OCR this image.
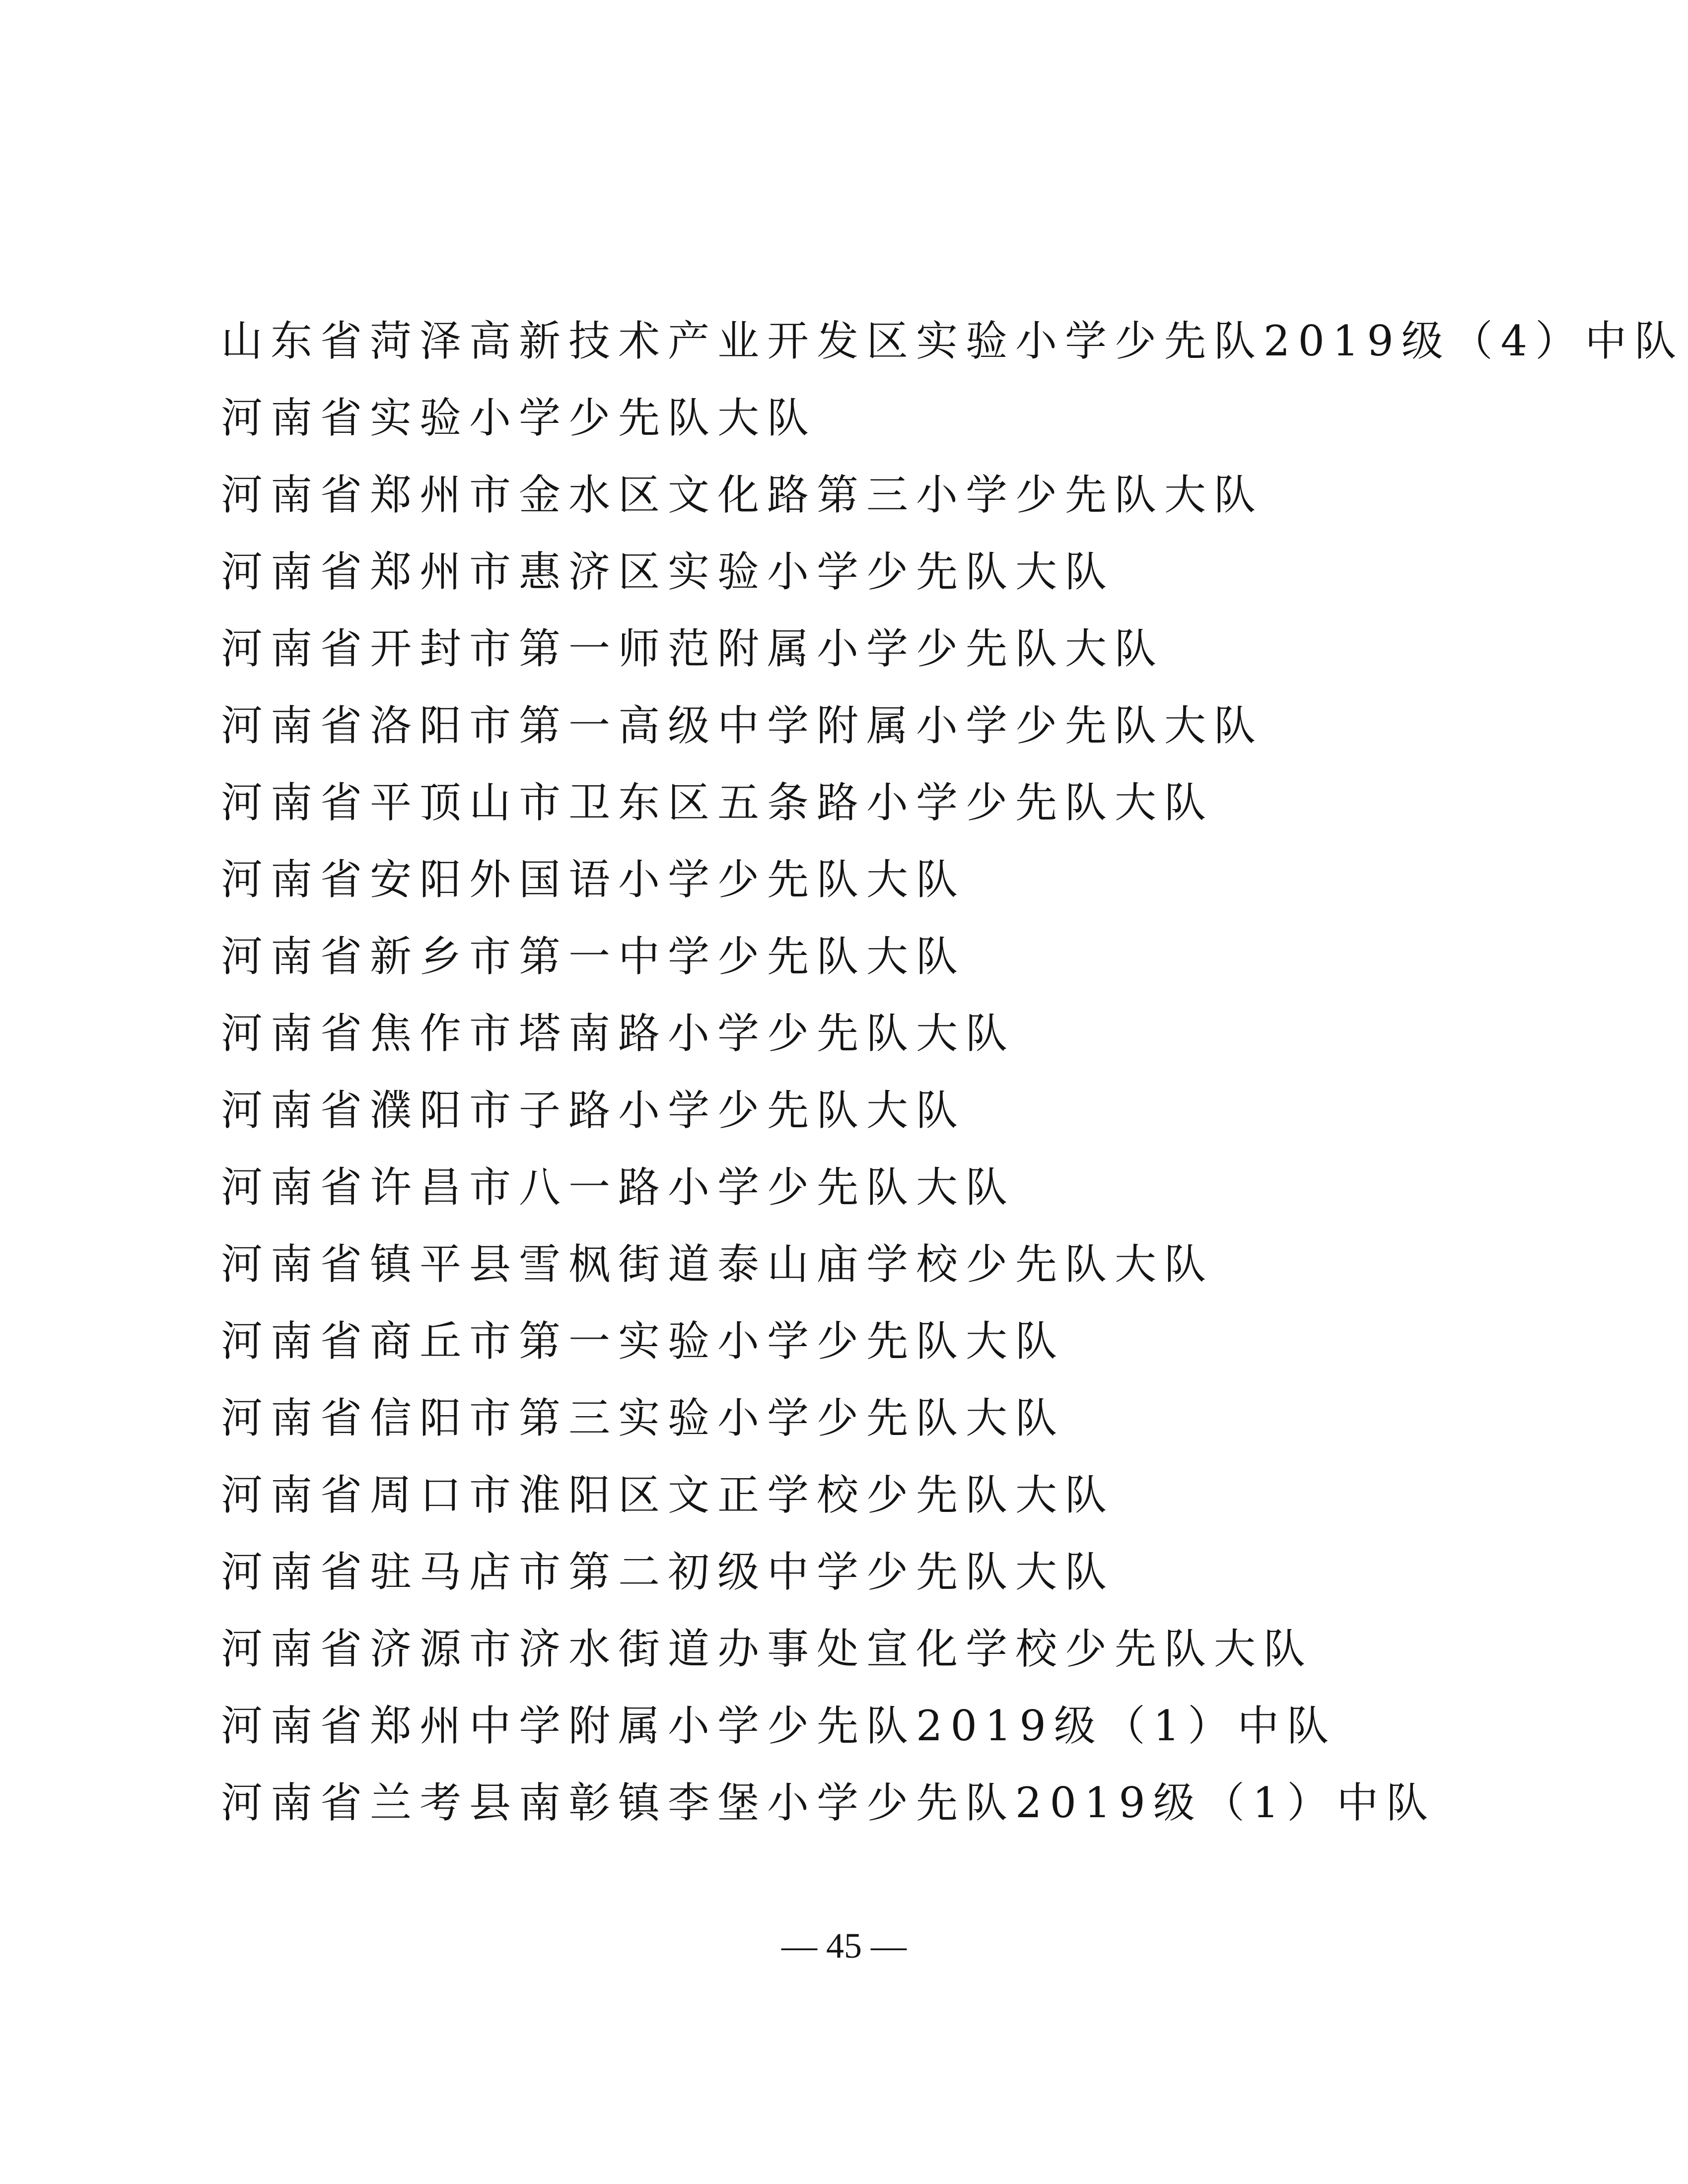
山东省菏泽高新技术产业开发区实验小学少先队2019级（4）中队
河南省实验小学少先队大队
河南省郑州市金水区文化路第三小学少先队大队
河南省郑州市惠济区实验小学少先队大队
河南省开封市第一师范附属小学少先队大队
河南省洛阳市第一高级中学附属小学少先队大队
河南省平顶山市卫东区五条路小学少先队大队
河南省安阳外国语小学少先队大队
河南省新乡市第一中学少先队大队
河南省焦作市塔南路小学少先队大队
河南省濮阳市子路小学少先队大队
河南省许昌市八一路小学少先队大队
河南省镇平县雪枫街道泰山庙学校少先队大队
河南省商丘市第一实验小学少先队大队
河南省信阳市第三实验小学少先队大队
河南省周口市淮阳区文正学校少先队大队
河南省驻马店市第二初级中学少先队大队
河南省济源市济水街道办事处宣化学校少先队大队
河南省郑州中学附属小学少先队2019级（1）中队
河南省兰考县南彰镇李堡小学少先队2019级（1）中队
— 45 —
